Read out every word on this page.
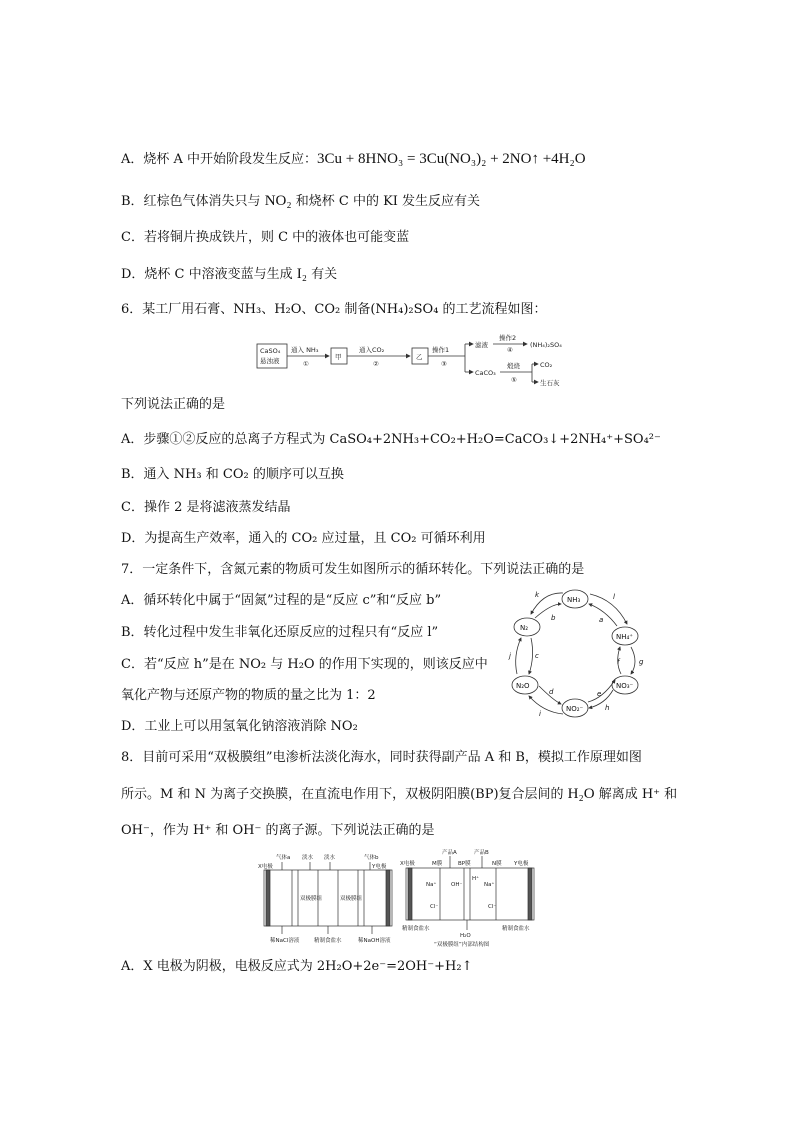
A．烧杯 A 中开始阶段发生反应：3Cu + 8HNO₃ = 3Cu(NO₃)₂ + 2NO↑ +4H₂O
B．红棕色气体消失只与 NO₂ 和烧杯 C 中的 KI 发生反应有关
C．若将铜片换成铁片，则 C 中的液体也可能变蓝
D．烧杯 C 中溶液变蓝与生成 I₂ 有关
6．某工厂用石膏、NH₃、H₂O、CO₂ 制备(NH₄)₂SO₄ 的工艺流程如图：
CaSO₄
悬浊液
通入 NH₃
①
甲
通入CO₂
②
乙
操作1
③
滤液
操作2
④
(NH₄)₂SO₄
CaCO₃
煅烧
⑤
CO₂
生石灰
下列说法正确的是
A．步骤①②反应的总离子方程式为 CaSO₄+2NH₃+CO₂+H₂O=CaCO₃↓+2NH₄⁺+SO₄²⁻
B．通入 NH₃ 和 CO₂ 的顺序可以互换
C．操作 2 是将滤液蒸发结晶
D．为提高生产效率，通入的 CO₂ 应过量，且 CO₂ 可循环利用
7．一定条件下，含氮元素的物质可发生如图所示的循环转化。下列说法正确的是
A．循环转化中属于“固氮”过程的是“反应 c”和“反应 b”
B．转化过程中发生非氧化还原反应的过程只有“反应 l”
C．若“反应 h”是在 NO₂ 与 H₂O 的作用下实现的，则该反应中
氧化产物与还原产物的物质的量之比为 1：2
D．工业上可以用氢氧化钠溶液消除 NO₂
NH₃
NH₄⁺
NO₃⁻
NO₂⁻
N₂O
N₂
k
b
l
a
f	g
e
h
d
i
j	c
8．目前可采用“双极膜组”电渗析法淡化海水，同时获得副产品 A 和 B，模拟工作原理如图
所示。M 和 N 为离子交换膜，在直流电作用下，双极阴阳膜(BP)复合层间的 H₂O 解离成 H⁺ 和
OH⁻，作为 H⁺ 和 OH⁻ 的离子源。下列说法正确的是
X电极
气体a 淡水 淡水	气体b
Y电极
双极膜组	双极膜组
稀NaCl溶液	精制食盐水	稀NaOH溶液
产品A	产品B
X电极	M膜	BP膜	N膜 Y电极
Na⁺	OH⁻
H⁺
Na⁺
Cl⁻	Cl⁻
精制食盐水
H₂O
精制食盐水
“双极膜组”内部结构图
A．X 电极为阴极，电极反应式为 2H₂O+2e⁻=2OH⁻+H₂↑
